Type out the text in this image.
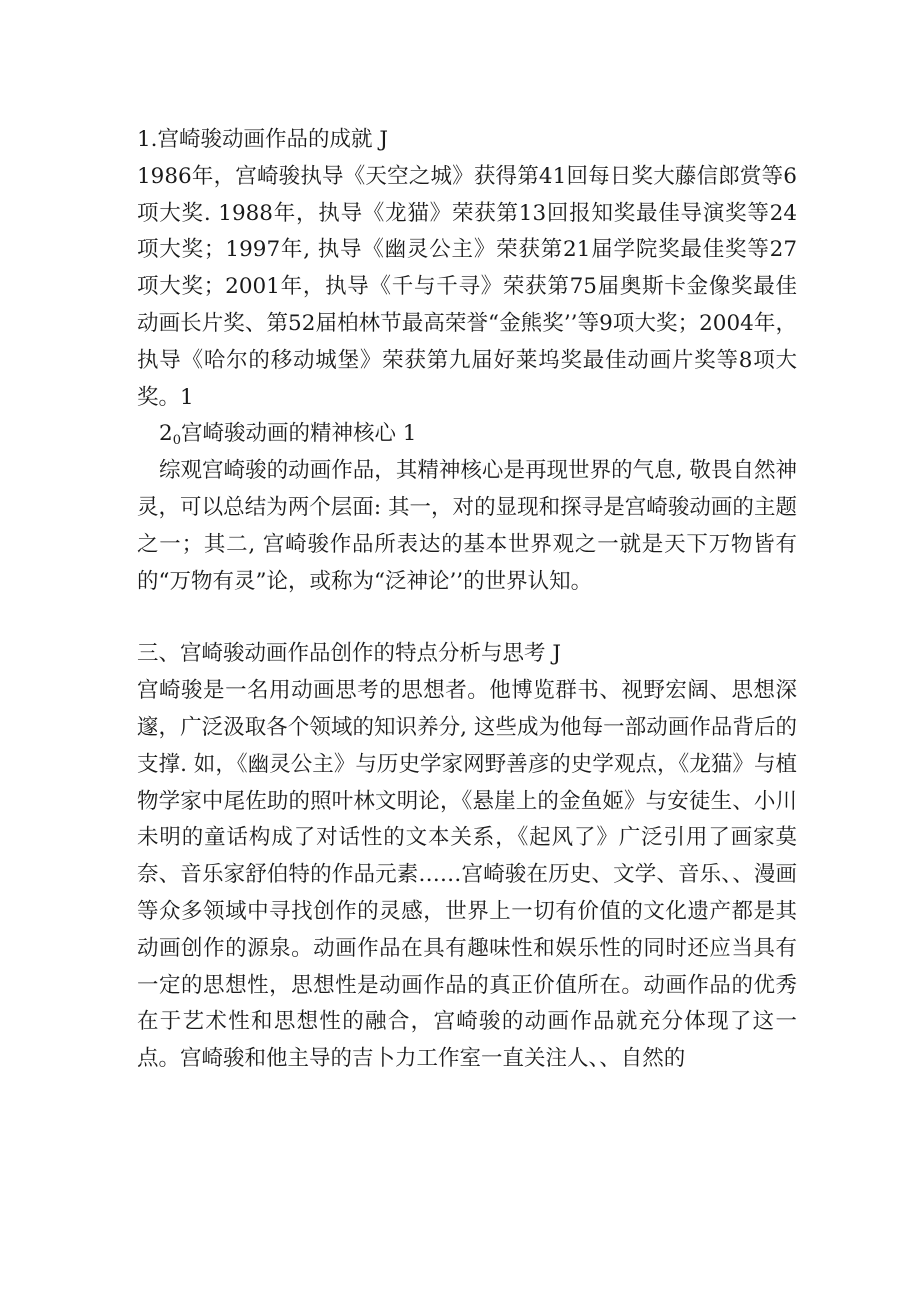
1.宫崎骏动画作品的成就 J

1986年，宫崎骏执导《天空之城》获得第41回每日奖大藤信郎赏等6项大奖. 1988年，执导《龙猫》荣获第13回报知奖最佳导演奖等24项大奖；1997年, 执导《幽灵公主》荣获第21届学院奖最佳奖等27项大奖；2001年，执导《千与千寻》荣获第75届奥斯卡金像奖最佳动画长片奖、第52届柏林节最高荣誉“金熊奖’’等9项大奖；2004年，执导《哈尔的移动城堡》荣获第九届好莱坞奖最佳动画片奖等8项大奖。1

$2_0$宫崎骏动画的精神核心 1

综观宫崎骏的动画作品，其精神核心是再现世界的气息, 敬畏自然神灵，可以总结为两个层面: 其一，对的显现和探寻是宫崎骏动画的主题之一；其二, 宫崎骏作品所表达的基本世界观之一就是天下万物皆有的“万物有灵”论，或称为“泛神论’’的世界认知。

三、宫崎骏动画作品创作的特点分析与思考 J

宫崎骏是一名用动画思考的思想者。他博览群书、视野宏阔、思想深邃，广泛汲取各个领域的知识养分, 这些成为他每一部动画作品背后的支撑. 如，《幽灵公主》与历史学家网野善彦的史学观点，《龙猫》与植物学家中尾佐助的照叶林文明论，《悬崖上的金鱼姬》与安徒生、小川未明的童话构成了对话性的文本关系，《起风了》广泛引用了画家莫奈、音乐家舒伯特的作品元素……宫崎骏在历史、文学、音乐、、漫画等众多领域中寻找创作的灵感，世界上一切有价值的文化遗产都是其动画创作的源泉。动画作品在具有趣味性和娱乐性的同时还应当具有一定的思想性，思想性是动画作品的真正价值所在。动画作品的优秀在于艺术性和思想性的融合，宫崎骏的动画作品就充分体现了这一点。宫崎骏和他主导的吉卜力工作室一直关注人、、自然的
